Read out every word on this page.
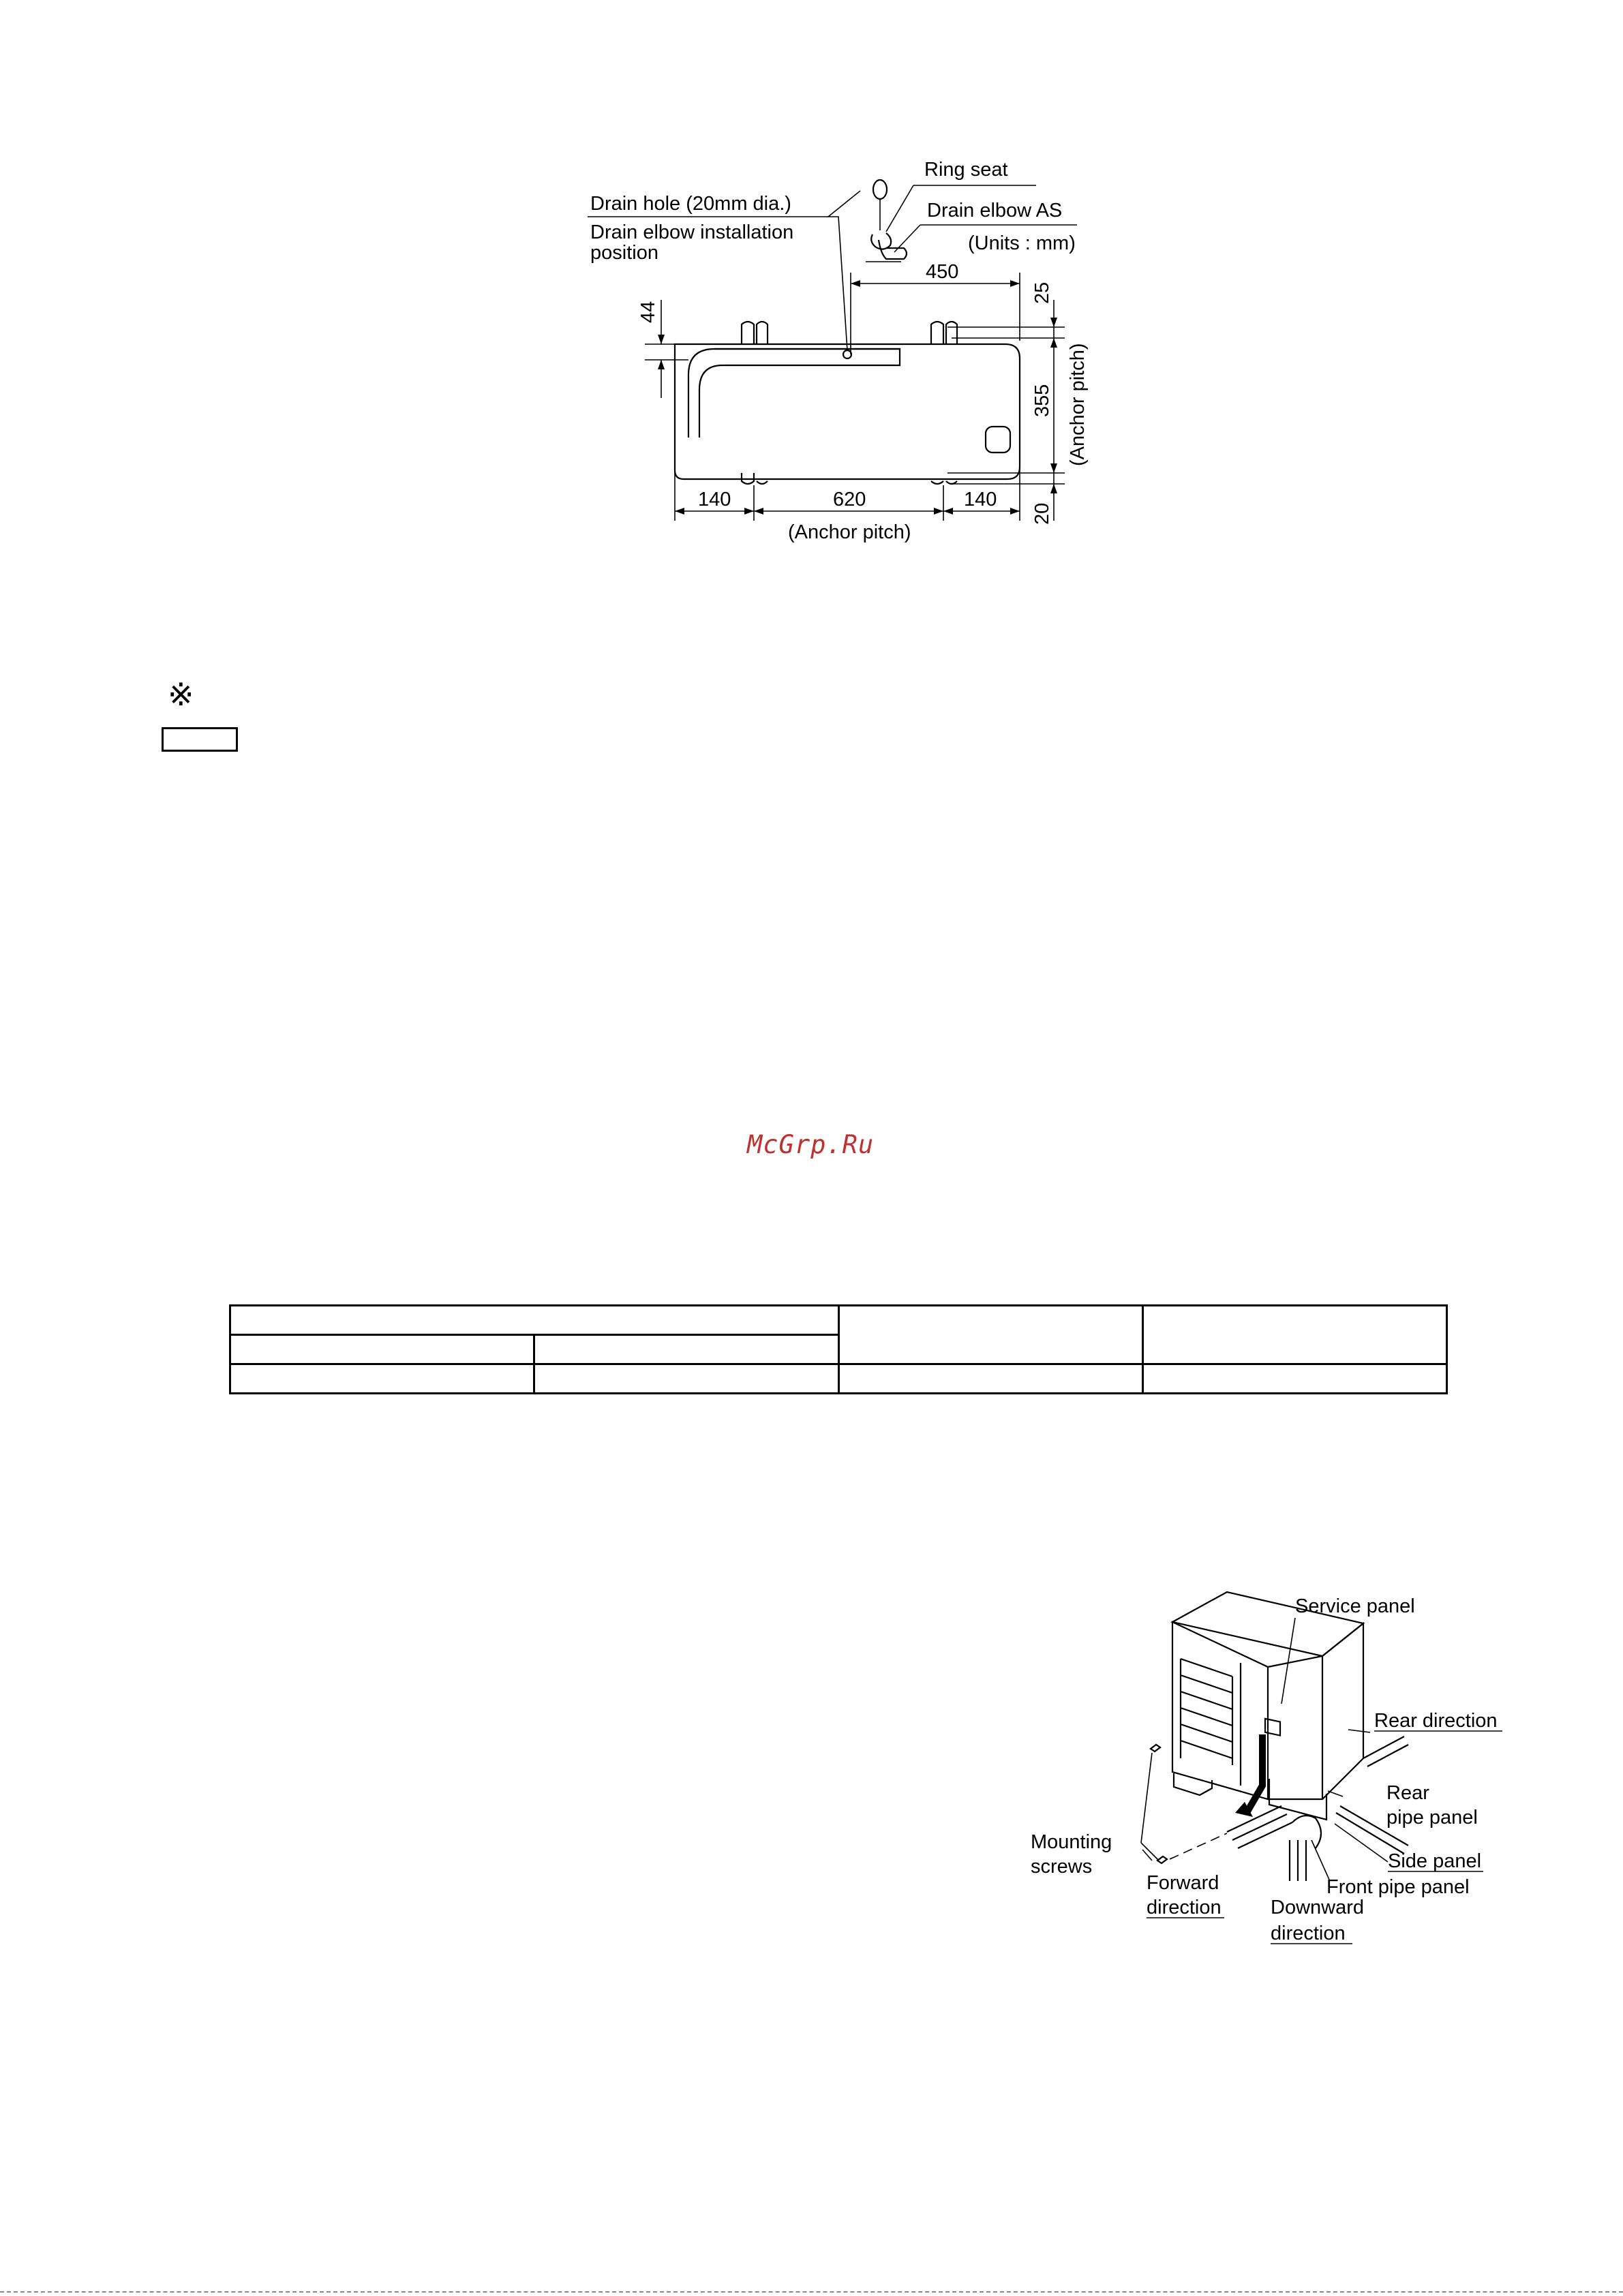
Ring seat
Drain hole (20mm dia.)	Drain elbow AS
Drain elbow installation
position	(Units : mm)
450
44
25
355
20
(Anchor pitch)
140	620	140
(Anchor pitch)
※
McGrp.Ru

Service panel
Rear direction
Rear
pipe panel
Side panel
Front pipe panel
Mounting
screws
Forward
direction Downward
direction
